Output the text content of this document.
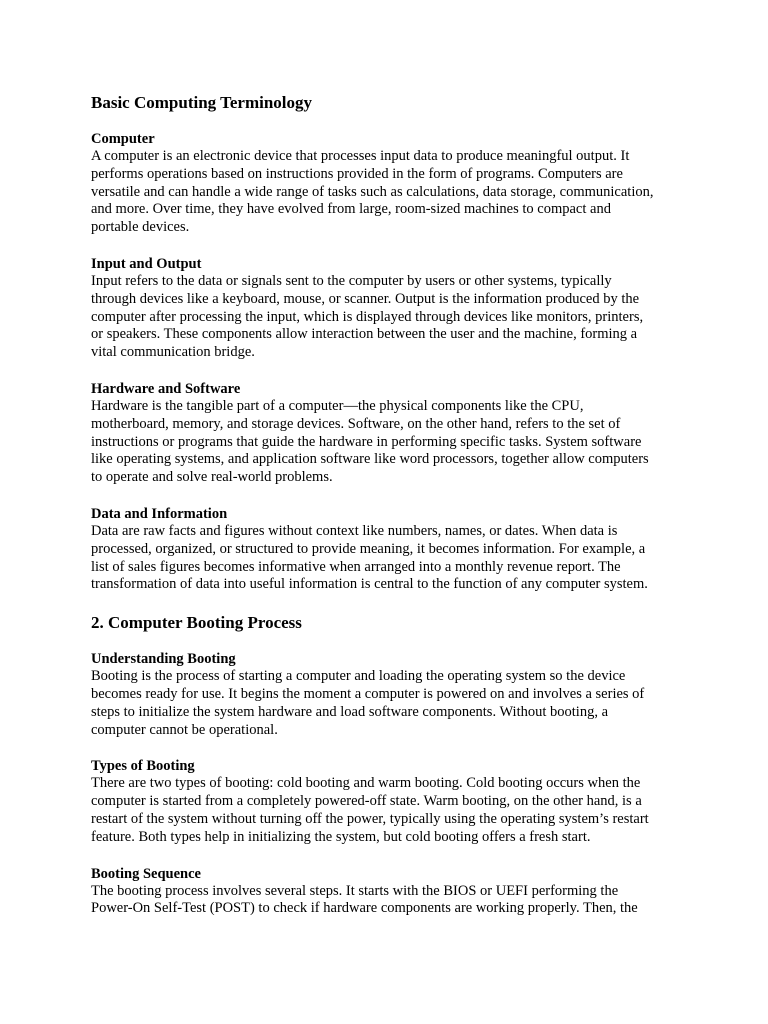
Basic Computing Terminology
Computer
A computer is an electronic device that processes input data to produce meaningful output. It
performs operations based on instructions provided in the form of programs. Computers are
versatile and can handle a wide range of tasks such as calculations, data storage, communication,
and more. Over time, they have evolved from large, room-sized machines to compact and
portable devices.
Input and Output
Input refers to the data or signals sent to the computer by users or other systems, typically
through devices like a keyboard, mouse, or scanner. Output is the information produced by the
computer after processing the input, which is displayed through devices like monitors, printers,
or speakers. These components allow interaction between the user and the machine, forming a
vital communication bridge.
Hardware and Software
Hardware is the tangible part of a computer—the physical components like the CPU,
motherboard, memory, and storage devices. Software, on the other hand, refers to the set of
instructions or programs that guide the hardware in performing specific tasks. System software
like operating systems, and application software like word processors, together allow computers
to operate and solve real-world problems.
Data and Information
Data are raw facts and figures without context like numbers, names, or dates. When data is
processed, organized, or structured to provide meaning, it becomes information. For example, a
list of sales figures becomes informative when arranged into a monthly revenue report. The
transformation of data into useful information is central to the function of any computer system.
2. Computer Booting Process
Understanding Booting
Booting is the process of starting a computer and loading the operating system so the device
becomes ready for use. It begins the moment a computer is powered on and involves a series of
steps to initialize the system hardware and load software components. Without booting, a
computer cannot be operational.
Types of Booting
There are two types of booting: cold booting and warm booting. Cold booting occurs when the
computer is started from a completely powered-off state. Warm booting, on the other hand, is a
restart of the system without turning off the power, typically using the operating system’s restart
feature. Both types help in initializing the system, but cold booting offers a fresh start.
Booting Sequence
The booting process involves several steps. It starts with the BIOS or UEFI performing the
Power-On Self-Test (POST) to check if hardware components are working properly. Then, the
